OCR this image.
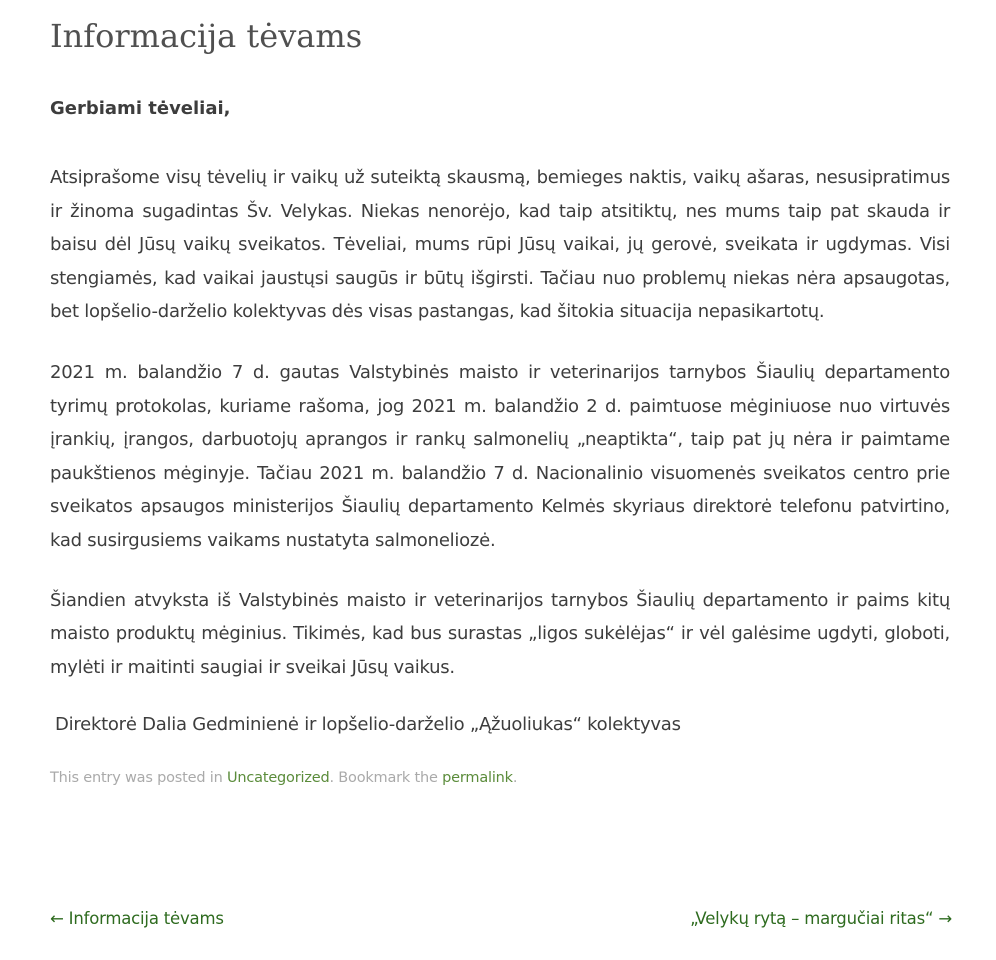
Informacija tėvams

Gerbiami tėveliai,

Atsiprašome visų tėvelių ir vaikų už suteiktą skausmą, bemieges naktis, vaikų ašaras, nesusipratimus ir žinoma sugadintas Šv. Velykas. Niekas nenorėjo, kad taip atsitiktų, nes mums taip pat skauda ir baisu dėl Jūsų vaikų sveikatos. Tėveliai, mums rūpi Jūsų vaikai, jų gerovė, sveikata ir ugdymas. Visi stengiamės, kad vaikai jaustųsi saugūs ir būtų išgirsti. Tačiau nuo problemų niekas nėra apsaugotas, bet lopšelio-darželio kolektyvas dės visas pastangas, kad šitokia situacija nepasikartotų.

2021 m. balandžio 7 d. gautas Valstybinės maisto ir veterinarijos tarnybos Šiaulių departamento tyrimų protokolas, kuriame rašoma, jog 2021 m. balandžio 2 d. paimtuose mėginiuose nuo virtuvės įrankių, įrangos, darbuotojų aprangos ir rankų salmonelių „neaptikta“, taip pat jų nėra ir paimtame paukštienos mėginyje. Tačiau 2021 m. balandžio 7 d. Nacionalinio visuomenės sveikatos centro prie sveikatos apsaugos ministerijos Šiaulių departamento Kelmės skyriaus direktorė telefonu patvirtino, kad susirgusiems vaikams nustatyta salmoneliozė.

Šiandien atvyksta iš Valstybinės maisto ir veterinarijos tarnybos Šiaulių departamento ir paims kitų maisto produktų mėginius. Tikimės, kad bus surastas „ligos sukėlėjas“ ir vėl galėsime ugdyti, globoti, mylėti ir maitinti saugiai ir sveikai Jūsų vaikus.

Direktorė Dalia Gedminienė ir lopšelio-darželio „Ąžuoliukas“ kolektyvas

This entry was posted in Uncategorized. Bookmark the permalink.
← Informacija tėvams	„Velykų rytą – margučiai ritas“ →
